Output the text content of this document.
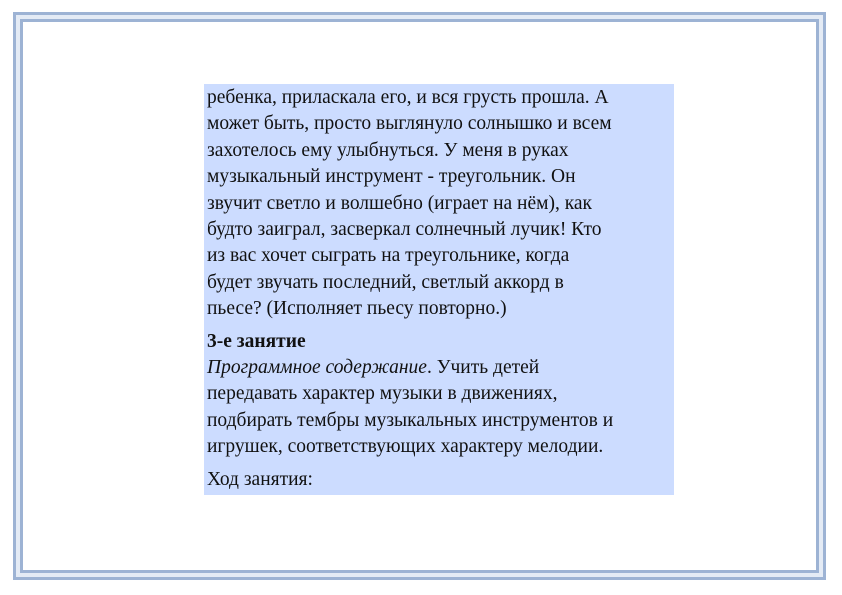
ребенка, приласкала его, и вся грусть прошла. А
может быть, просто выглянуло солнышко и всем
захотелось ему улыбнуться. У меня в руках
музыкальный инструмент - треугольник. Он
звучит светло и волшебно (играет на нём), как
будто заиграл, засверкал солнечный лучик! Кто
из вас хочет сыграть на треугольнике, когда
будет звучать последний, светлый аккорд в
пьесе? (Исполняет пьесу повторно.)
3-е занятие
Программное содержание. Учить детей
передавать характер музыки в движениях,
подбирать тембры музыкальных инструментов и
игрушек, соответствующих характеру мелодии.
Ход занятия:
